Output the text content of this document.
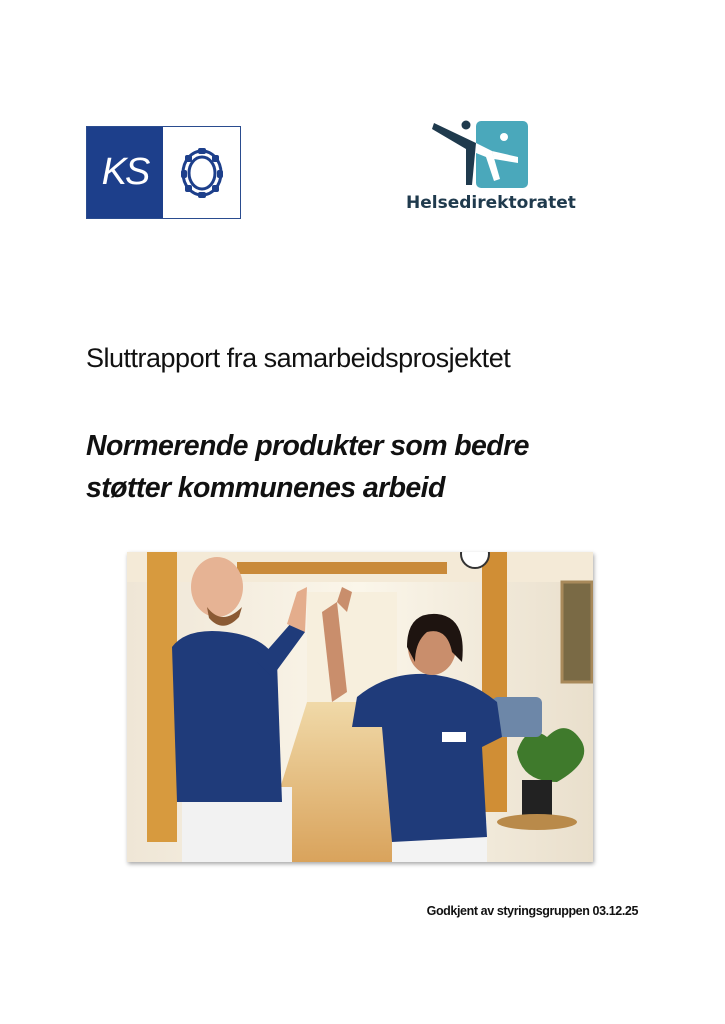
KS
Helsedirektoratet
Sluttrapport fra samarbeidsprosjektet
Normerende produkter som bedre
støtter kommunenes arbeid
Godkjent av styringsgruppen 03.12.25
